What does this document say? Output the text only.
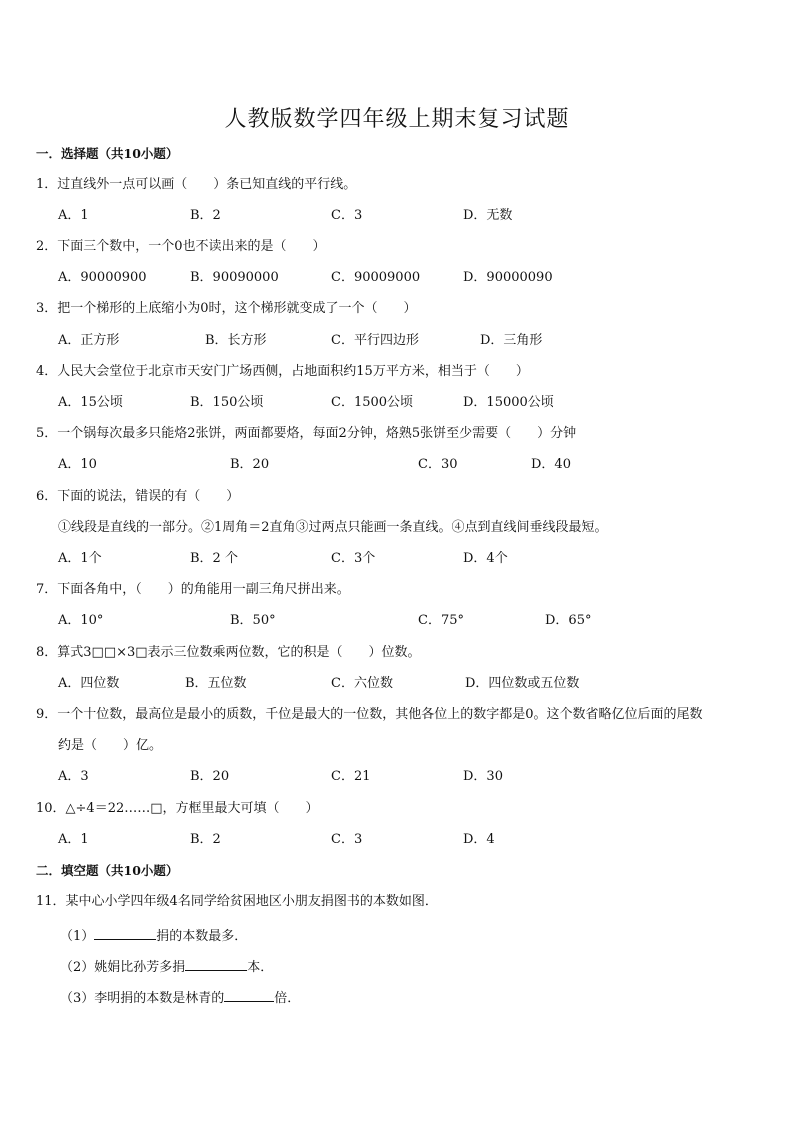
人教版数学四年级上期末复习试题
一．选择题（共10小题）
1．过直线外一点可以画（　　）条已知直线的平行线。
A．1	B．2	C．3	D．无数
2．下面三个数中，一个0也不读出来的是（　　）
A．90000900	B．90090000	C．90009000	D．90000090
3．把一个梯形的上底缩小为0时，这个梯形就变成了一个（　　）
A．正方形	B．长方形	C．平行四边形	D．三角形
4．人民大会堂位于北京市天安门广场西侧，占地面积约15万平方米，相当于（　　）
A．15公顷	B．150公顷	C．1500公顷	D．15000公顷
5．一个锅每次最多只能烙2张饼，两面都要烙，每面2分钟，烙熟5张饼至少需要（　　）分钟
A．10	B．20	C．30	D．40
6．下面的说法，错误的有（　　）
①线段是直线的一部分。②1周角＝2直角③过两点只能画一条直线。④点到直线间垂线段最短。
A．1个	B．2 个	C．3个	D．4个
7．下面各角中，（　　）的角能用一副三角尺拼出来。
A．10°	B．50°	C．75°	D．65°
8．算式3□□×3□表示三位数乘两位数，它的积是（　　）位数。
A．四位数	B．五位数	C．六位数	D．四位数或五位数
9．一个十位数，最高位是最小的质数，千位是最大的一位数，其他各位上的数字都是0。这个数省略亿位后面的尾数
约是（　　）亿。
A．3	B．20	C．21	D．30
10．△÷4＝22……□，方框里最大可填（　　）
A．1	B．2	C．3	D．4
二．填空题（共10小题）
11．某中心小学四年级4名同学给贫困地区小朋友捐图书的本数如图．
（1）	捐的本数最多．
（2）姚娟比孙芳多捐	本．
（3）李明捐的本数是林青的	倍．
